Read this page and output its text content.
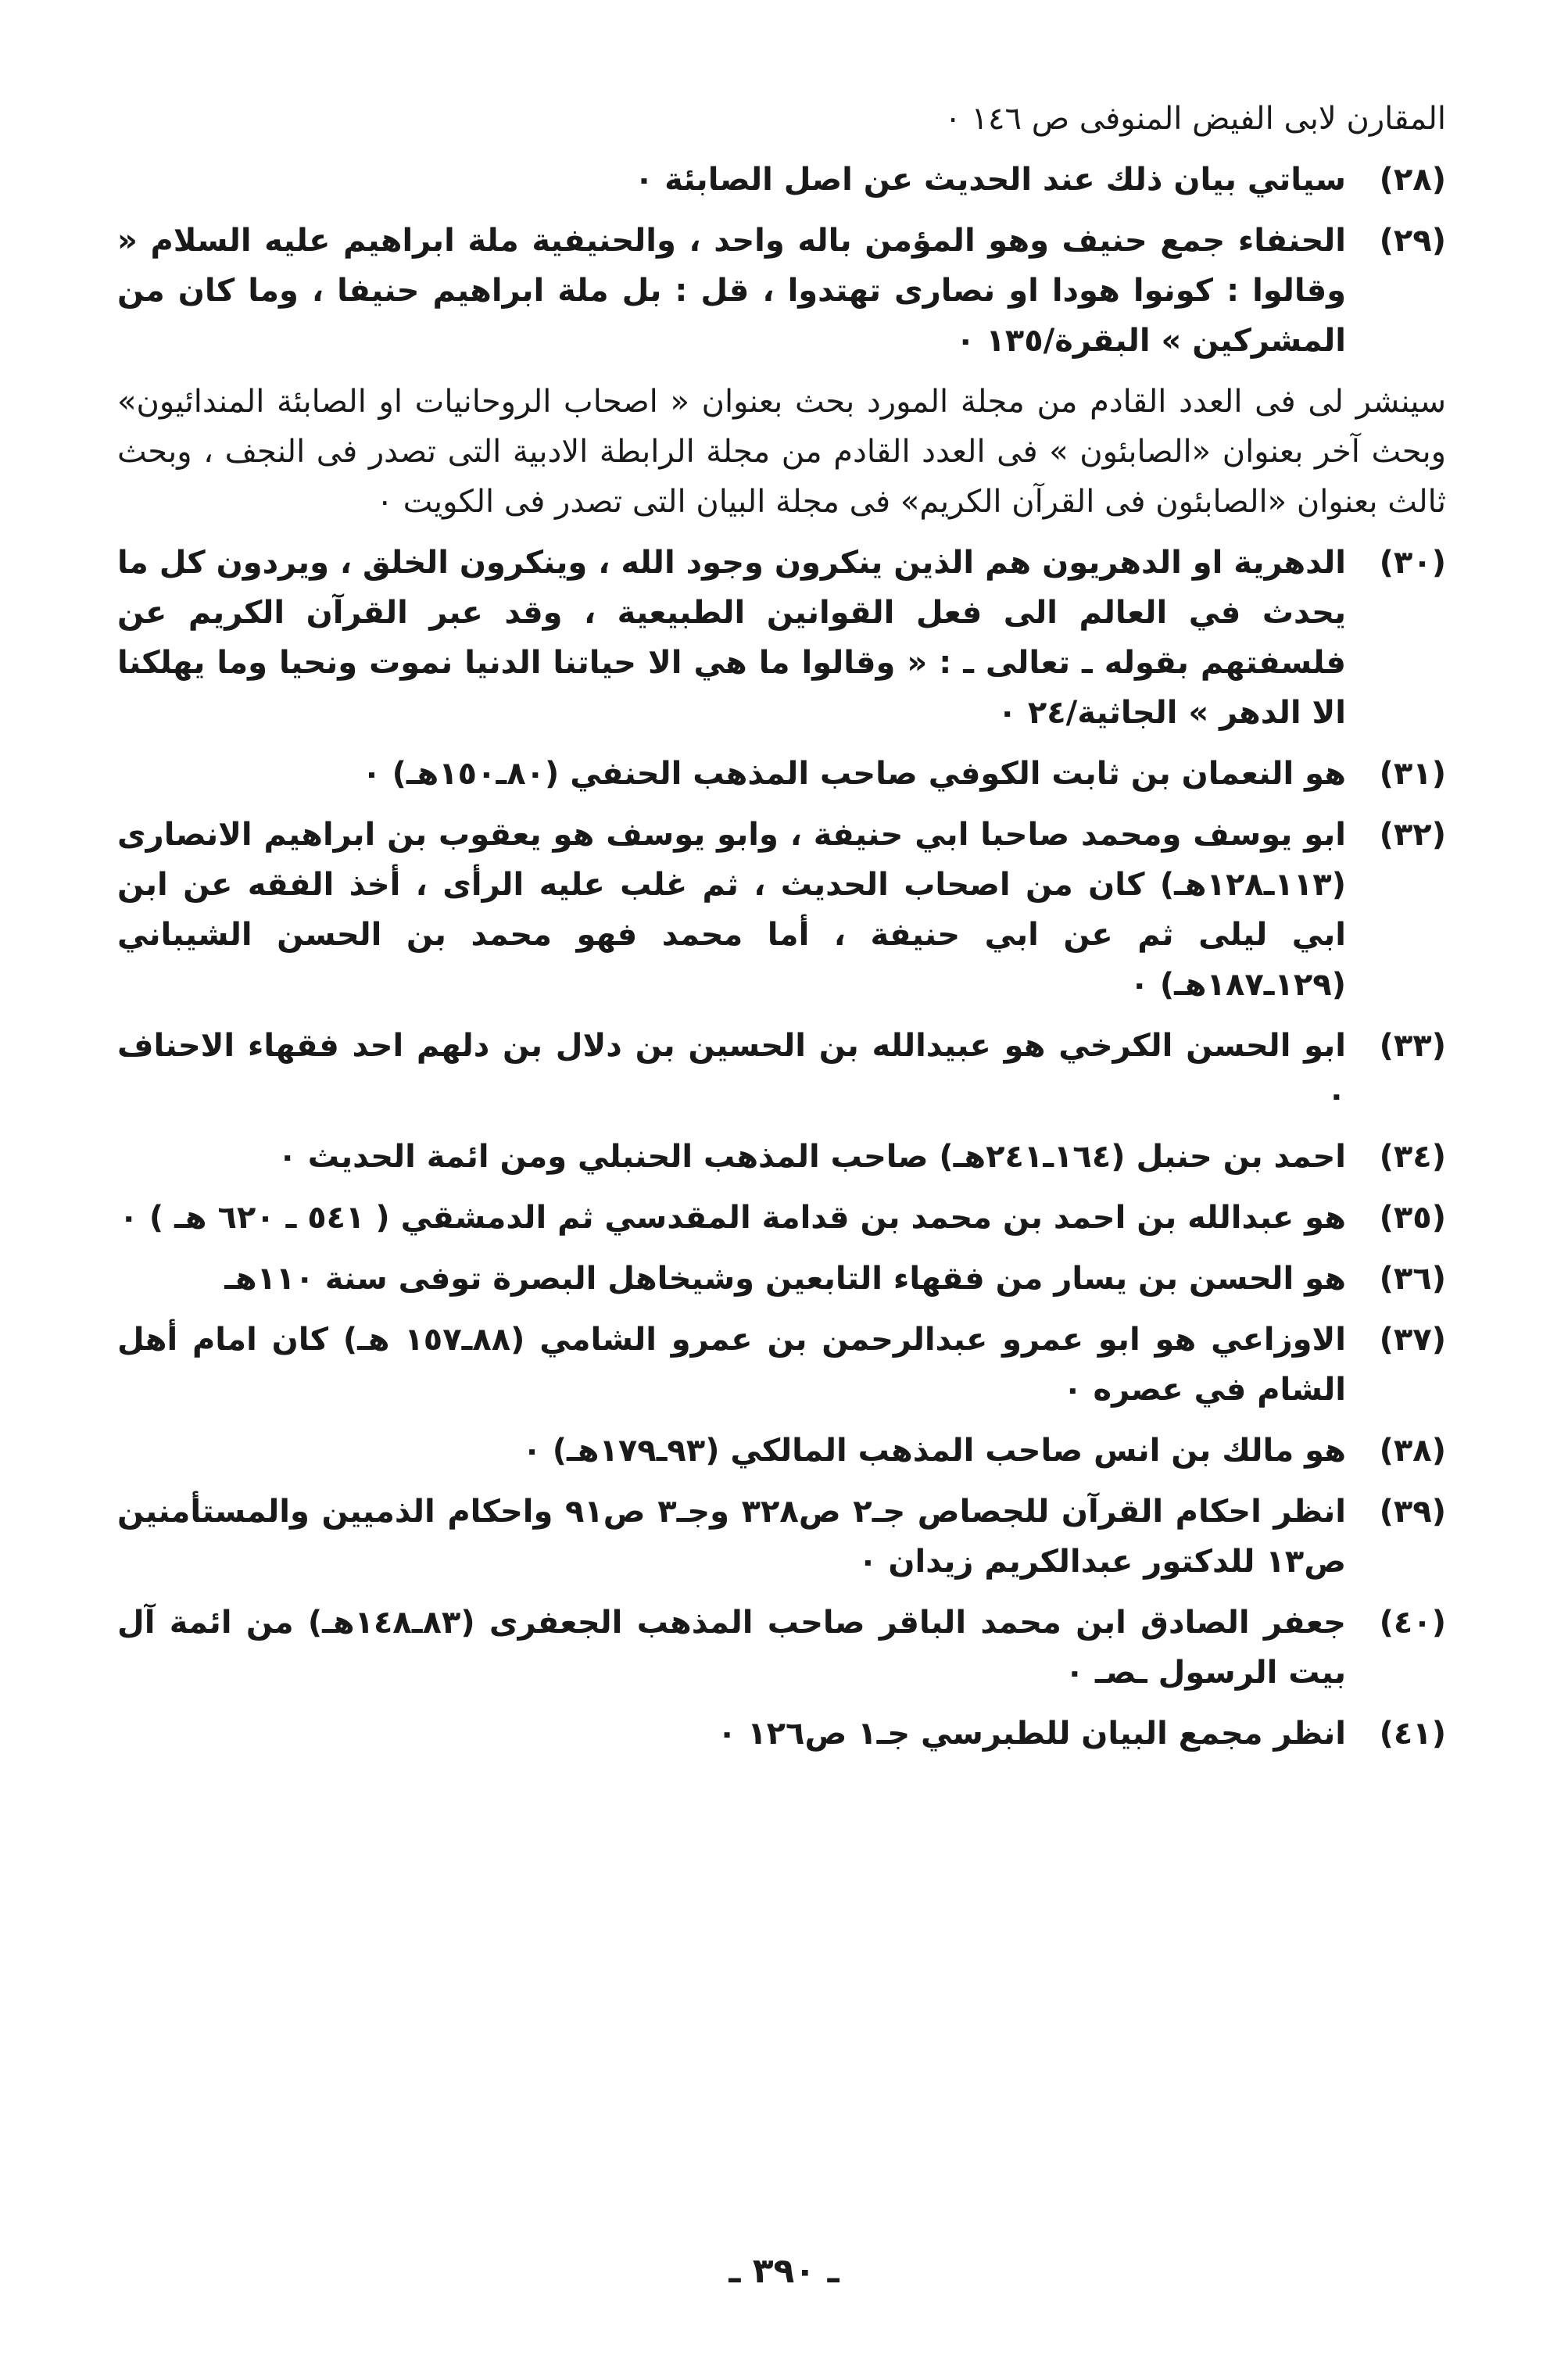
المقارن لابى الفيض المنوفى ص ١٤٦ ٠

(٢٨)
سياتي بيان ذلك عند الحديث عن اصل الصابئة ٠
(٢٩)
الحنفاء جمع حنيف وهو المؤمن باله واحد ، والحنيفية ملة ابراهيم عليه السلام « وقالوا : كونوا هودا او نصارى تهتدوا ، قل : بل ملة ابراهيم حنيفا ، وما كان من المشركين » البقرة/١٣٥ ٠

سينشر لى فى العدد القادم من مجلة المورد بحث بعنوان « اصحاب الروحانيات او الصابئة المندائيون» وبحث آخر بعنوان «الصابئون » فى العدد القادم من مجلة الرابطة الادبية التى تصدر فى النجف ، وبحث ثالث بعنوان «الصابئون فى القرآن الكريم» فى مجلة البيان التى تصدر فى الكويت ٠

(٣٠)
الدهرية او الدهريون هم الذين ينكرون وجود الله ، وينكرون الخلق ، ويردون كل ما يحدث في العالم الى فعل القوانين الطبيعية ، وقد عبر القرآن الكريم عن فلسفتهم بقوله ـ تعالى ـ : « وقالوا ما هي الا حياتنا الدنيا نموت ونحيا وما يهلكنا الا الدهر » الجاثية/٢٤ ٠
(٣١)
هو النعمان بن ثابت الكوفي صاحب المذهب الحنفي (٨٠ـ١٥٠هـ) ٠
(٣٢)
ابو يوسف ومحمد صاحبا ابي حنيفة ، وابو يوسف هو يعقوب بن ابراهيم الانصارى (١١٣ـ١٢٨هـ) كان من اصحاب الحديث ، ثم غلب عليه الرأى ، أخذ الفقه عن ابن ابي ليلى ثم عن ابي حنيفة ، أما محمد فهو محمد بن الحسن الشيباني (١٢٩ـ١٨٧هـ) ٠
(٣٣)
ابو الحسن الكرخي هو عبيدالله بن الحسين بن دلال بن دلهم احد فقهاء الاحناف ٠
(٣٤)
احمد بن حنبل (١٦٤ـ٢٤١هـ) صاحب المذهب الحنبلي ومن ائمة الحديث ٠
(٣٥)
هو عبدالله بن احمد بن محمد بن قدامة المقدسي ثم الدمشقي ( ٥٤١ ـ ٦٢٠ هـ ) ٠
(٣٦)
هو الحسن بن يسار من فقهاء التابعين وشيخاهل البصرة توفى سنة ١١٠هـ
(٣٧)
الاوزاعي هو ابو عمرو عبدالرحمن بن عمرو الشامي (٨٨ـ١٥٧ هـ) كان امام أهل الشام في عصره ٠
(٣٨)
هو مالك بن انس صاحب المذهب المالكي (٩٣ـ١٧٩هـ) ٠
(٣٩)
انظر احكام القرآن للجصاص جـ٢ ص٣٢٨ وجـ٣ ص٩١ واحكام الذميين والمستأمنين ص١٣ للدكتور عبدالكريم زيدان ٠
(٤٠)
جعفر الصادق ابن محمد الباقر صاحب المذهب الجعفرى (٨٣ـ١٤٨هـ) من ائمة آل بيت الرسول ـصـ ٠
(٤١)
انظر مجمع البيان للطبرسي جـ١ ص١٢٦ ٠
ـ ٣٩٠ ـ
